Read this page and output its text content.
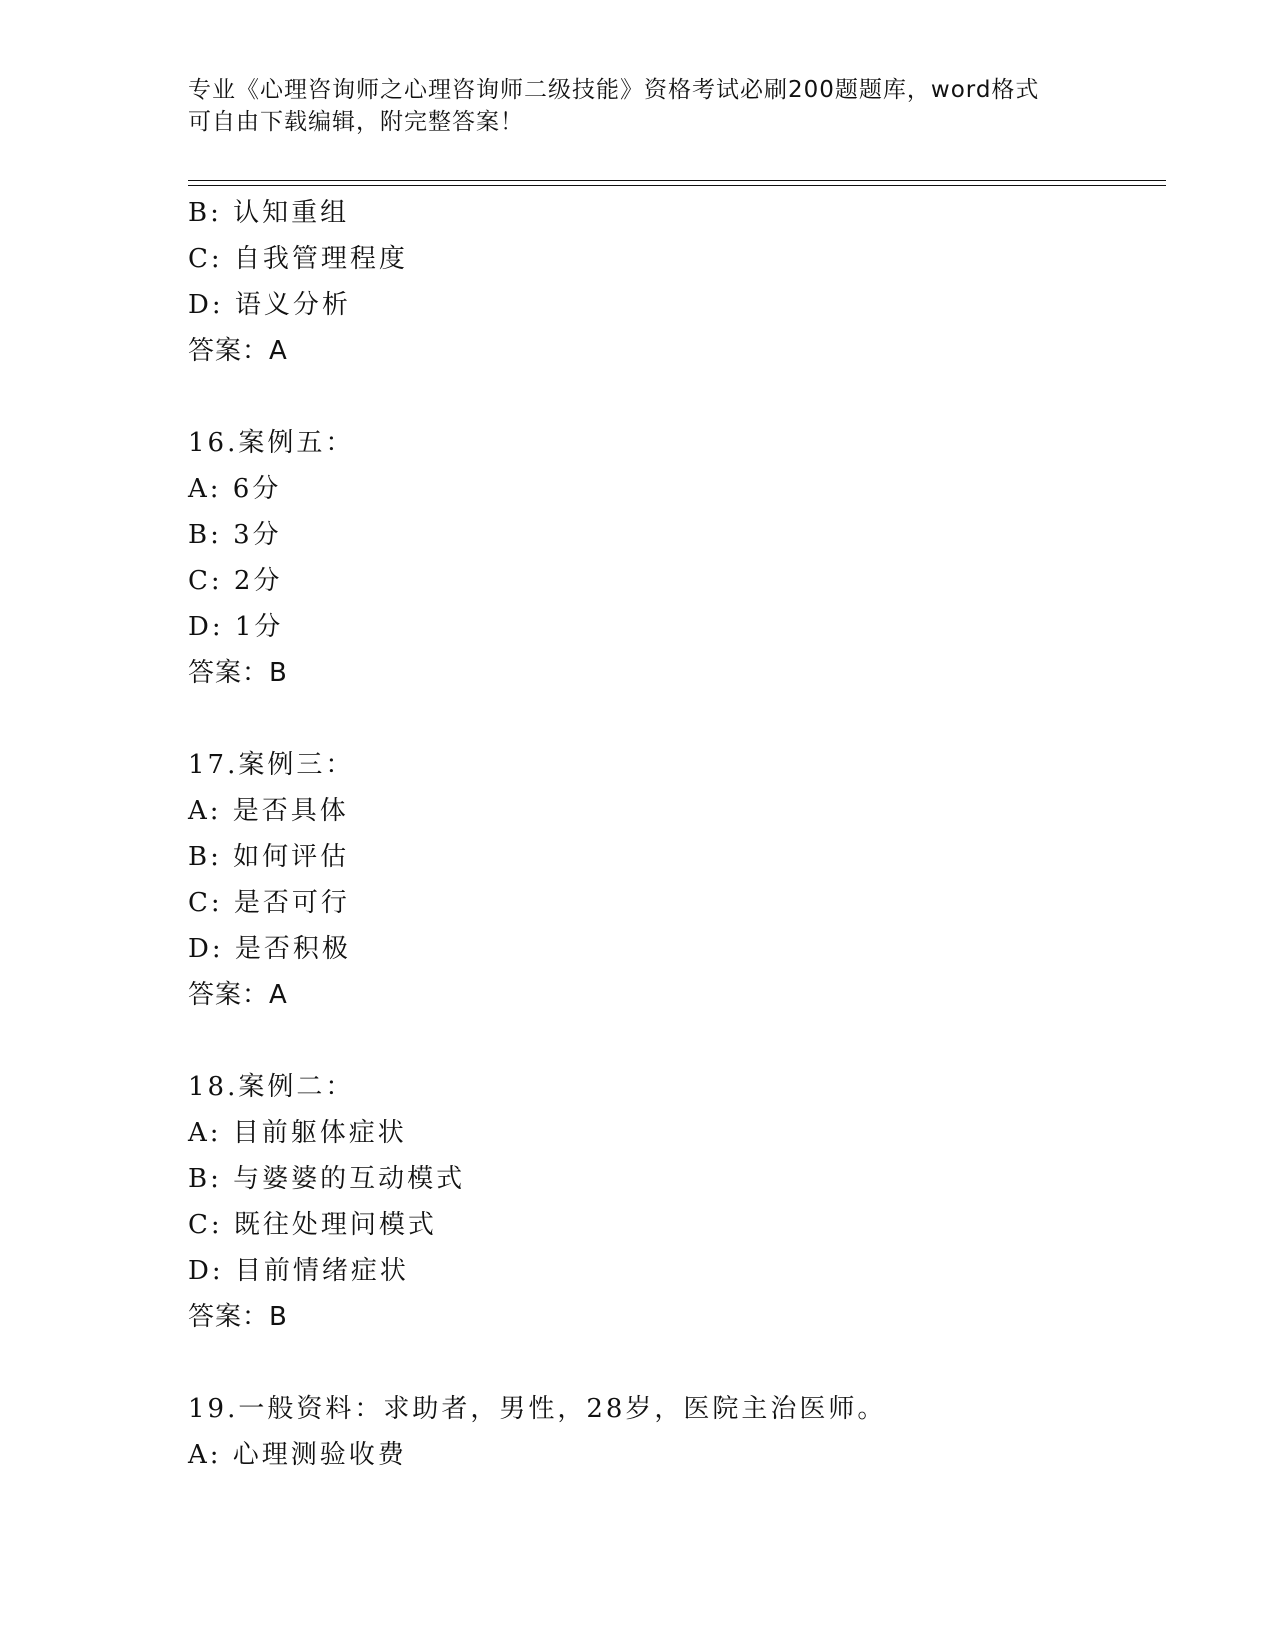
专业《心理咨询师之心理咨询师二级技能》资格考试必刷200题题库，word格式
可自由下载编辑，附完整答案！
B: 认知重组
C: 自我管理程度
D: 语义分析
答案：A
16.案例五：
A: 6分
B: 3分
C: 2分
D: 1分
答案：B
17.案例三：
A: 是否具体
B: 如何评估
C: 是否可行
D: 是否积极
答案：A
18.案例二：
A: 目前躯体症状
B: 与婆婆的互动模式
C: 既往处理问模式
D: 目前情绪症状
答案：B
19.一般资料：求助者，男性，28岁，医院主治医师。
A: 心理测验收费
